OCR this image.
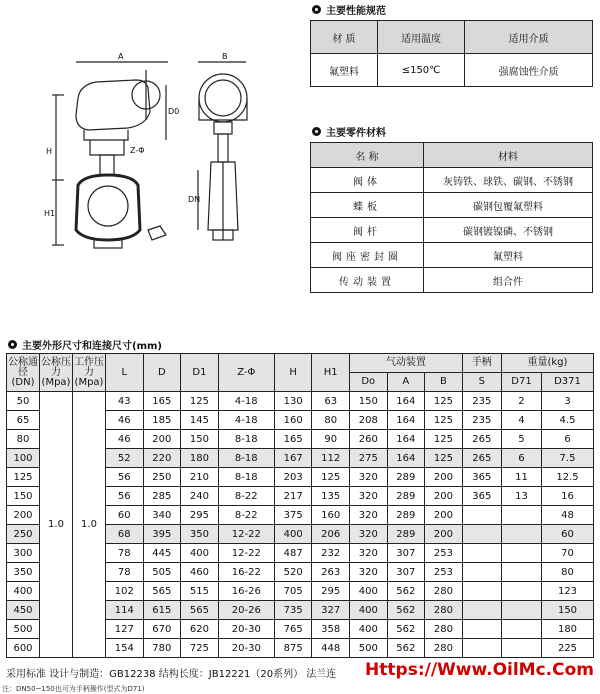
A	B
D0
H
H1
Z-Φ
DN
主要性能规范
材 质	适用温度	适用介质
氟塑料	≤150℃	强腐蚀性介质
主要零件材料
名 称	材料
阀体	灰铸铁、球铁、碳钢、不锈钢
蝶板	碳钢包覆氟塑料
阀杆	碳钢镀镍磷、不锈钢
阀座密封圈	氟塑料
传动装置	组合件
主要外形尺寸和连接尺寸(mm)
公称通径(DN)	公称压力(Mpa)	工作压力(Mpa)	L	D	D1	Z-Φ	H	H1	气动装置			手柄	重量(kg)	
									Do	A	B	S	D71	D371
50	1.0	1.0	43	165	125	4-18	130	63	150	164	125	235	2	3
65			46	185	145	4-18	160	80	208	164	125	235	4	4.5
80			46	200	150	8-18	165	90	260	164	125	265	5	6
100			52	220	180	8-18	167	112	275	164	125	265	6	7.5
125			56	250	210	8-18	203	125	320	289	200	365	11	12.5
150			56	285	240	8-22	217	135	320	289	200	365	13	16
200			60	340	295	8-22	375	160	320	289	200			48
250			68	395	350	12-22	400	206	320	289	200			60
300			78	445	400	12-22	487	232	320	307	253			70
350			78	505	460	16-22	520	263	320	307	253			80
400			102	565	515	16-26	705	295	400	562	280			123
450			114	615	565	20-26	735	327	400	562	280			150
500			127	670	620	20-30	765	358	400	562	280			180
600			154	780	725	20-30	875	448	500	562	280			225
采用标准 设计与制造：GB12238 结构长度：JB12221（20系列） 法兰连
注：DN50~150也可为手柄操作(型式为D71)
Https://Www.OilMc.Com
